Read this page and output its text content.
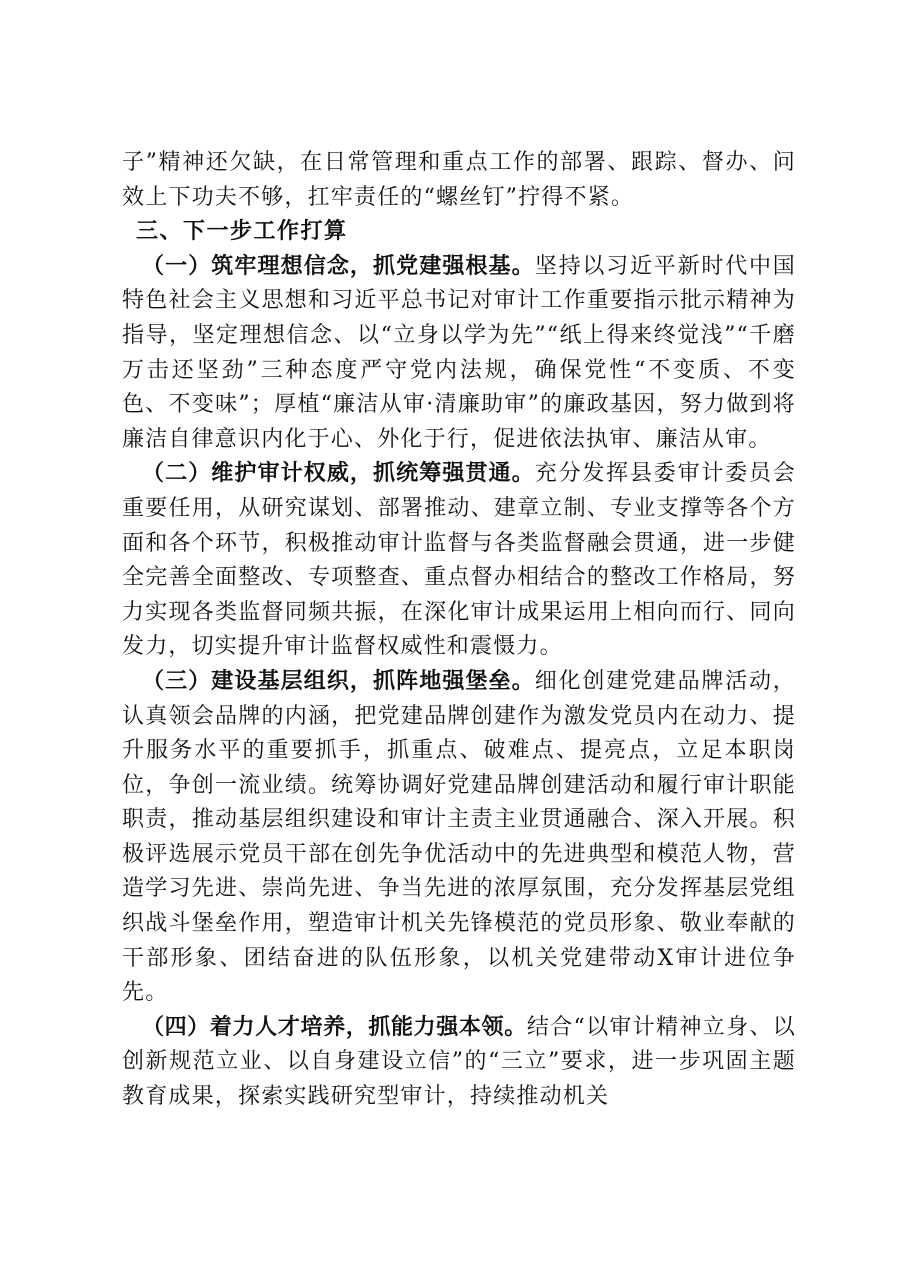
子”精神还欠缺，在日常管理和重点工作的部署、跟踪、督办、问效上下功夫不够，扛牢责任的“螺丝钉”拧得不紧。

三、下一步工作打算

（一）筑牢理想信念，抓党建强根基。坚持以习近平新时代中国特色社会主义思想和习近平总书记对审计工作重要指示批示精神为指导，坚定理想信念、以“立身以学为先”“纸上得来终觉浅”“千磨万击还坚劲”三种态度严守党内法规，确保党性“不变质、不变色、不变味”；厚植“廉洁从审·清廉助审”的廉政基因，努力做到将廉洁自律意识内化于心、外化于行，促进依法执审、廉洁从审。

（二）维护审计权威，抓统筹强贯通。充分发挥县委审计委员会重要任用，从研究谋划、部署推动、建章立制、专业支撑等各个方面和各个环节，积极推动审计监督与各类监督融会贯通，进一步健全完善全面整改、专项整查、重点督办相结合的整改工作格局，努力实现各类监督同频共振，在深化审计成果运用上相向而行、同向发力，切实提升审计监督权威性和震慑力。

（三）建设基层组织，抓阵地强堡垒。细化创建党建品牌活动，认真领会品牌的内涵，把党建品牌创建作为激发党员内在动力、提升服务水平的重要抓手，抓重点、破难点、提亮点，立足本职岗位，争创一流业绩。统筹协调好党建品牌创建活动和履行审计职能职责，推动基层组织建设和审计主责主业贯通融合、深入开展。积极评选展示党员干部在创先争优活动中的先进典型和模范人物，营造学习先进、崇尚先进、争当先进的浓厚氛围，充分发挥基层党组织战斗堡垒作用，塑造审计机关先锋模范的党员形象、敬业奉献的干部形象、团结奋进的队伍形象，以机关党建带动X审计进位争先。

（四）着力人才培养，抓能力强本领。结合“以审计精神立身、以创新规范立业、以自身建设立信”的“三立”要求，进一步巩固主题教育成果，探索实践研究型审计，持续推动机关
